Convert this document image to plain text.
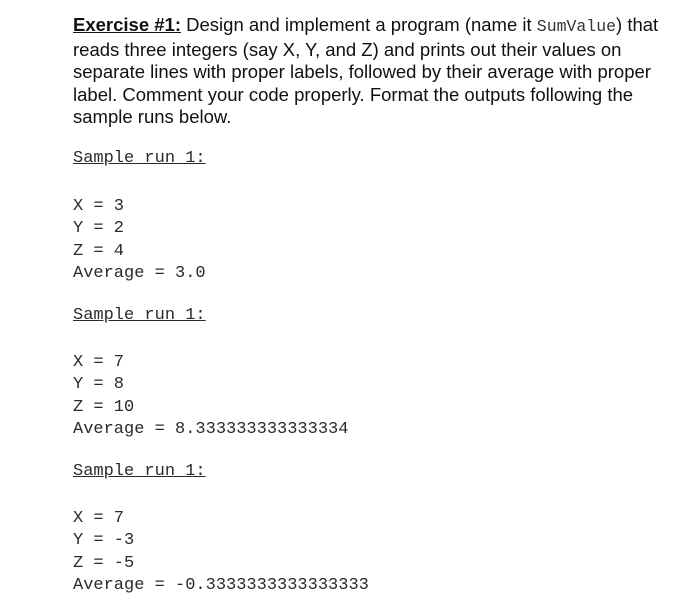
Exercise #1: Design and implement a program (name it SumValue) that reads three integers (say X, Y, and Z) and prints out their values on separate lines with proper labels, followed by their average with proper label. Comment your code properly. Format the outputs following the sample runs below.

Sample run 1:
X = 3
Y = 2
Z = 4
Average = 3.0
Sample run 1:
X = 7
Y = 8
Z = 10
Average = 8.333333333333334
Sample run 1:
X = 7
Y = -3
Z = -5
Average = -0.3333333333333333
